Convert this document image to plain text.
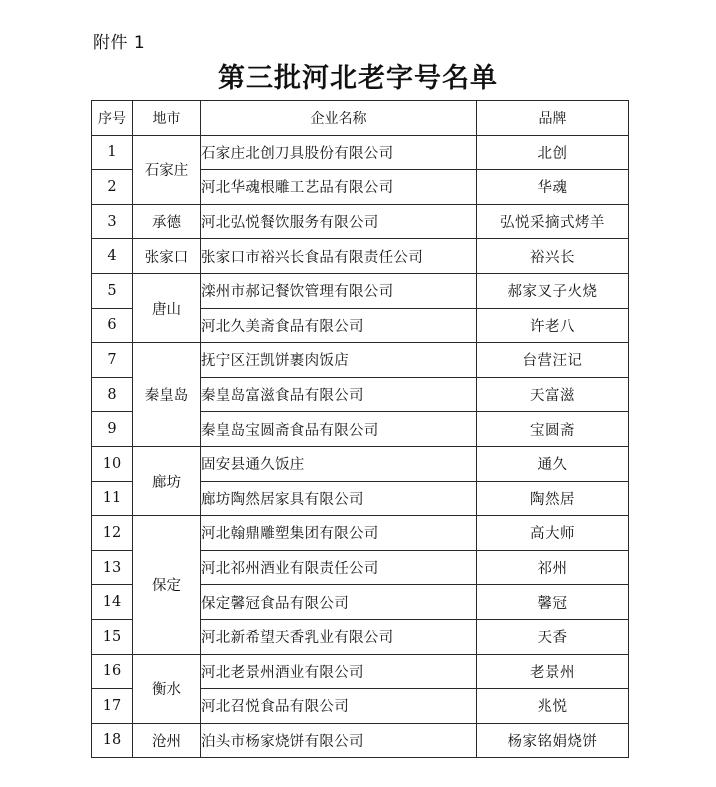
附件 1
第三批河北老字号名单
序号	地市	企业名称	品牌
1	石家庄	石家庄北创刀具股份有限公司	北创
2		河北华魂根雕工艺品有限公司	华魂
3	承德	河北弘悦餐饮服务有限公司	弘悦采摘式烤羊
4	张家口	张家口市裕兴长食品有限责任公司	裕兴长
5	唐山	滦州市郝记餐饮管理有限公司	郝家叉子火烧
6		河北久美斋食品有限公司	许老八
7	秦皇岛	抚宁区汪凯饼裹肉饭店	台营汪记
8		秦皇岛富滋食品有限公司	天富滋
9		秦皇岛宝圆斋食品有限公司	宝圆斋
10	廊坊	固安县通久饭庄	通久
11		廊坊陶然居家具有限公司	陶然居
12	保定	河北翰鼎雕塑集团有限公司	高大师
13		河北祁州酒业有限责任公司	祁州
14		保定馨冠食品有限公司	馨冠
15		河北新希望天香乳业有限公司	天香
16	衡水	河北老景州酒业有限公司	老景州
17		河北召悦食品有限公司	兆悦
18	沧州	泊头市杨家烧饼有限公司	杨家铭娟烧饼
